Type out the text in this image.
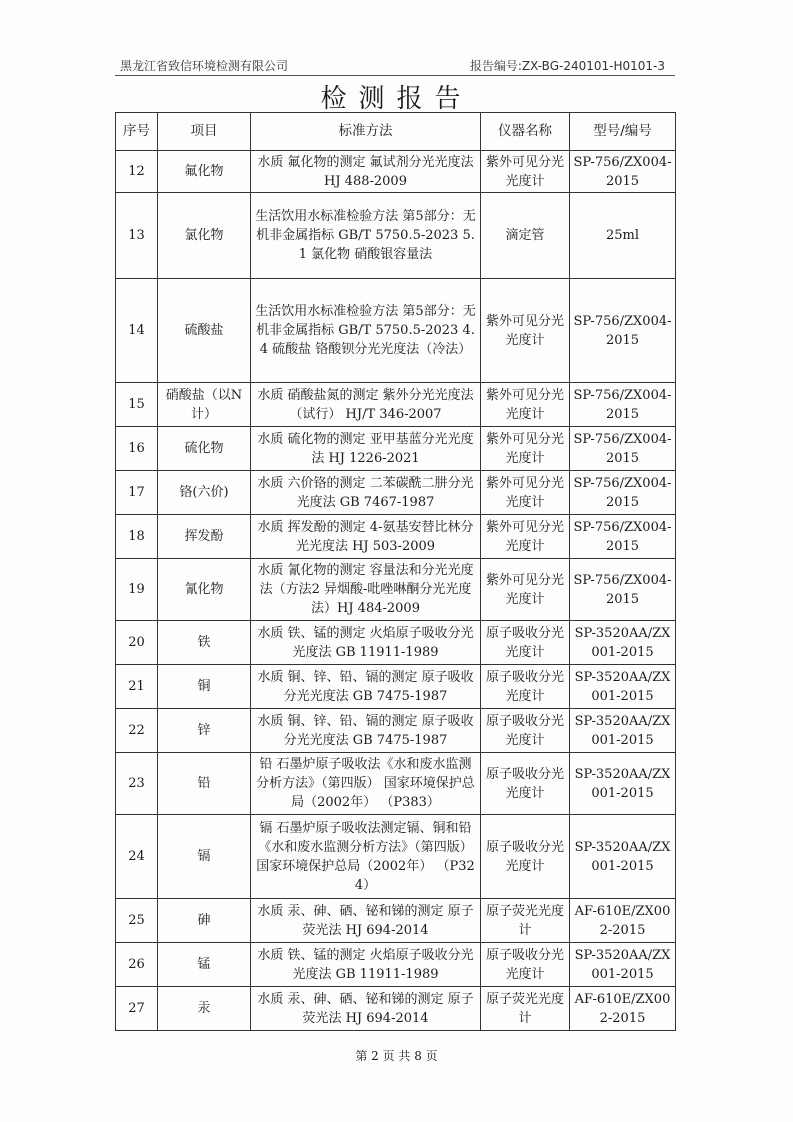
黑龙江省致信环境检测有限公司	报告编号:ZX-BG-240101-H0101-3
检测报告
序号	项目	标准方法	仪器名称	型号/编号
12	氟化物	水质 氟化物的测定 氟试剂分光光度法 HJ 488-2009	紫外可见分光光度计	SP-756/ZX004-2015
13	氯化物	生活饮用水标准检验方法 第5部分：无机非金属指标 GB/T 5750.5-2023 5.1 氯化物 硝酸银容量法	滴定管	25ml
14	硫酸盐	生活饮用水标准检验方法 第5部分：无机非金属指标 GB/T 5750.5-2023 4.4 硫酸盐 铬酸钡分光光度法（冷法）	紫外可见分光光度计	SP-756/ZX004-2015
15	硝酸盐（以N计）	水质 硝酸盐氮的测定 紫外分光光度法（试行） HJ/T 346-2007	紫外可见分光光度计	SP-756/ZX004-2015
16	硫化物	水质 硫化物的测定 亚甲基蓝分光光度法 HJ 1226-2021	紫外可见分光光度计	SP-756/ZX004-2015
17	铬(六价)	水质 六价铬的测定 二苯碳酰二肼分光光度法 GB 7467-1987	紫外可见分光光度计	SP-756/ZX004-2015
18	挥发酚	水质 挥发酚的测定 4-氨基安替比林分光光度法 HJ 503-2009	紫外可见分光光度计	SP-756/ZX004-2015
19	氰化物	水质 氰化物的测定 容量法和分光光度法（方法2 异烟酸-吡唑啉酮分光光度法）HJ 484-2009	紫外可见分光光度计	SP-756/ZX004-2015
20	铁	水质 铁、锰的测定 火焰原子吸收分光光度法 GB 11911-1989	原子吸收分光光度计	SP-3520AA/ZX001-2015
21	铜	水质 铜、锌、铅、镉的测定 原子吸收分光光度法 GB 7475-1987	原子吸收分光光度计	SP-3520AA/ZX001-2015
22	锌	水质 铜、锌、铅、镉的测定 原子吸收分光光度法 GB 7475-1987	原子吸收分光光度计	SP-3520AA/ZX001-2015
23	铅	铅 石墨炉原子吸收法《水和废水监测分析方法》（第四版） 国家环境保护总局（2002年） （P383）	原子吸收分光光度计	SP-3520AA/ZX001-2015
24	镉	镉 石墨炉原子吸收法测定镉、铜和铅 《水和废水监测分析方法》（第四版） 国家环境保护总局（2002年） （P324）	原子吸收分光光度计	SP-3520AA/ZX001-2015
25	砷	水质 汞、砷、硒、铋和锑的测定 原子荧光法 HJ 694-2014	原子荧光光度计	AF-610E/ZX002-2015
26	锰	水质 铁、锰的测定 火焰原子吸收分光光度法 GB 11911-1989	原子吸收分光光度计	SP-3520AA/ZX001-2015
27	汞	水质 汞、砷、硒、铋和锑的测定 原子荧光法 HJ 694-2014	原子荧光光度计	AF-610E/ZX002-2015
第 2 页 共 8 页
